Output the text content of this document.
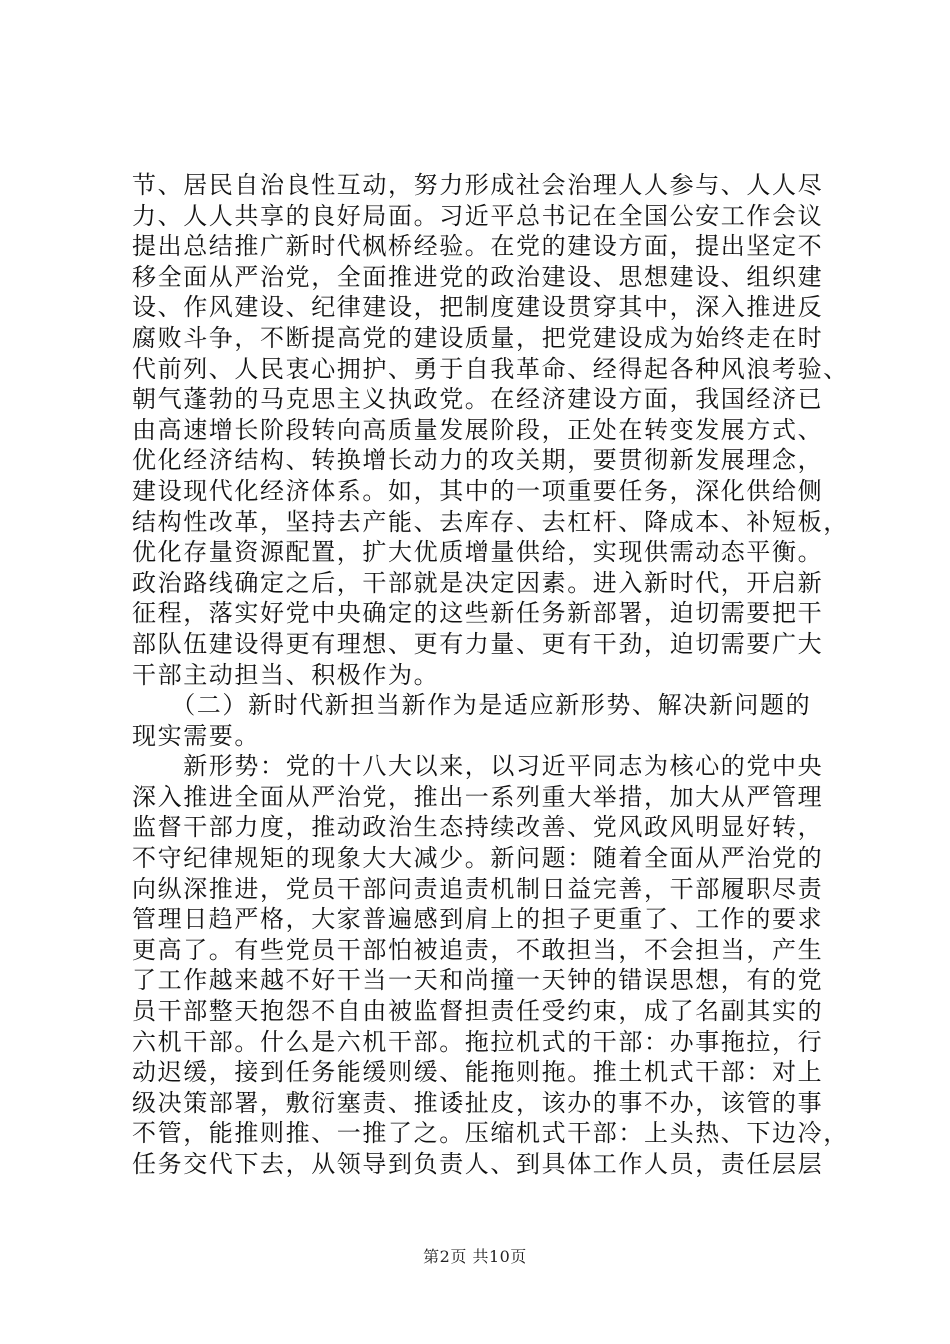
节、居民自治良性互动，努力形成社会治理人人参与、人人尽
力、人人共享的良好局面。习近平总书记在全国公安工作会议
提出总结推广新时代枫桥经验。在党的建设方面，提出坚定不
移全面从严治党，全面推进党的政治建设、思想建设、组织建
设、作风建设、纪律建设，把制度建设贯穿其中，深入推进反
腐败斗争，不断提高党的建设质量，把党建设成为始终走在时
代前列、人民衷心拥护、勇于自我革命、经得起各种风浪考验、
朝气蓬勃的马克思主义执政党。在经济建设方面，我国经济已
由高速增长阶段转向高质量发展阶段，正处在转变发展方式、
优化经济结构、转换增长动力的攻关期，要贯彻新发展理念，
建设现代化经济体系。如，其中的一项重要任务，深化供给侧
结构性改革，坚持去产能、去库存、去杠杆、降成本、补短板，
优化存量资源配置，扩大优质增量供给，实现供需动态平衡。
政治路线确定之后，干部就是决定因素。进入新时代，开启新
征程，落实好党中央确定的这些新任务新部署，迫切需要把干
部队伍建设得更有理想、更有力量、更有干劲，迫切需要广大
干部主动担当、积极作为。
　　（二）新时代新担当新作为是适应新形势、解决新问题的
现实需要。
　　新形势：党的十八大以来，以习近平同志为核心的党中央
深入推进全面从严治党，推出一系列重大举措，加大从严管理
监督干部力度，推动政治生态持续改善、党风政风明显好转，
不守纪律规矩的现象大大减少。新问题：随着全面从严治党的
向纵深推进，党员干部问责追责机制日益完善，干部履职尽责
管理日趋严格，大家普遍感到肩上的担子更重了、工作的要求
更高了。有些党员干部怕被追责，不敢担当，不会担当，产生
了工作越来越不好干当一天和尚撞一天钟的错误思想，有的党
员干部整天抱怨不自由被监督担责任受约束，成了名副其实的
六机干部。什么是六机干部。拖拉机式的干部：办事拖拉，行
动迟缓，接到任务能缓则缓、能拖则拖。推土机式干部：对上
级决策部署，敷衍塞责、推诿扯皮，该办的事不办，该管的事
不管，能推则推、一推了之。压缩机式干部：上头热、下边冷，
任务交代下去，从领导到负责人、到具体工作人员，责任层层
第2页 共10页
